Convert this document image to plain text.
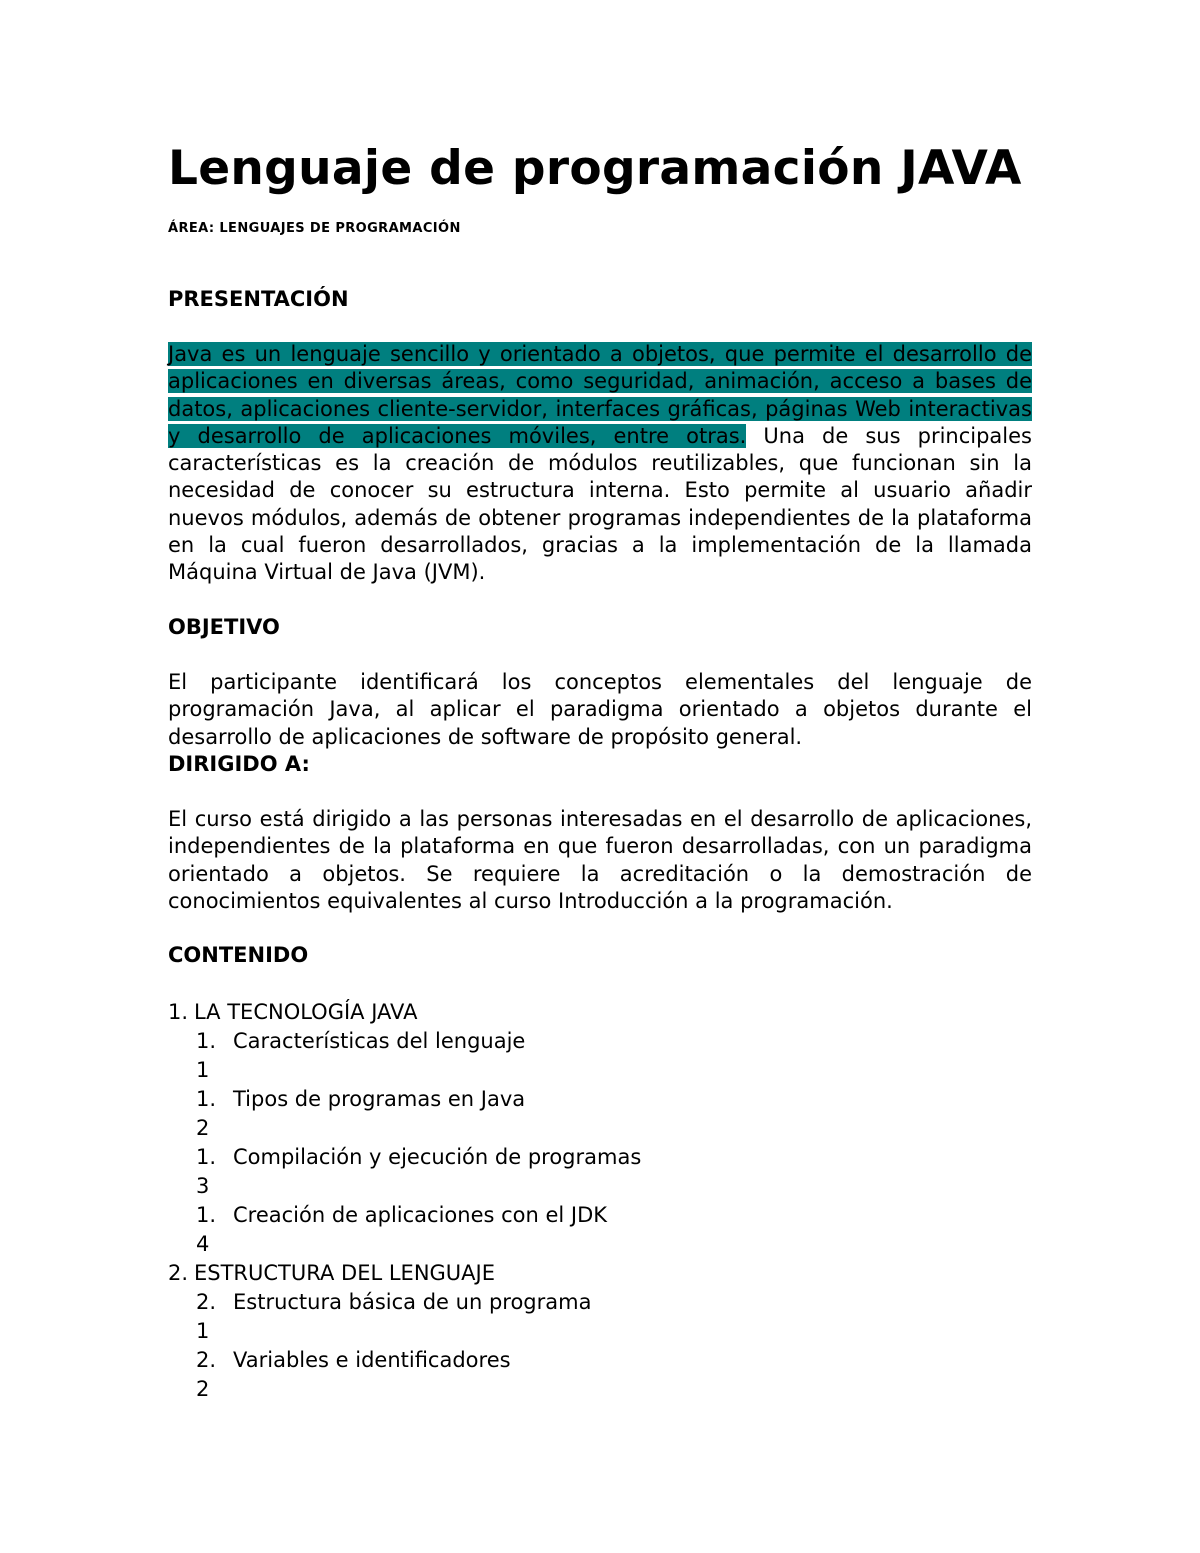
Lenguaje de programación JAVA
ÁREA: LENGUAJES DE PROGRAMACIÓN
PRESENTACIÓN

Java es un lenguaje sencillo y orientado a objetos, que permite el desarrollo de aplicaciones en diversas áreas, como seguridad, animación, acceso a bases de datos, aplicaciones cliente-servidor, interfaces gráficas, páginas Web interactivas y desarrollo de aplicaciones móviles, entre otras. Una de sus principales características es la creación de módulos reutilizables, que funcionan sin la necesidad de conocer su estructura interna. Esto permite al usuario añadir nuevos módulos, además de obtener programas independientes de la plataforma en la cual fueron desarrollados, gracias a la implementación de la llamada Máquina Virtual de Java (JVM).

OBJETIVO

El participante identificará los conceptos elementales del lenguaje de programación Java, al aplicar el paradigma orientado a objetos durante el desarrollo de aplicaciones de software de propósito general.

DIRIGIDO A:

El curso está dirigido a las personas interesadas en el desarrollo de aplicaciones, independientes de la plataforma en que fueron desarrolladas, con un paradigma orientado a objetos. Se requiere la acreditación o la demostración de conocimientos equivalentes al curso Introducción a la programación.

CONTENIDO
1. LA TECNOLOGÍA JAVA
1. Características del lenguaje
1
1. Tipos de programas en Java
2
1. Compilación y ejecución de programas
3
1. Creación de aplicaciones con el JDK
4
2. ESTRUCTURA DEL LENGUAJE
2. Estructura básica de un programa
1
2. Variables e identificadores
2
